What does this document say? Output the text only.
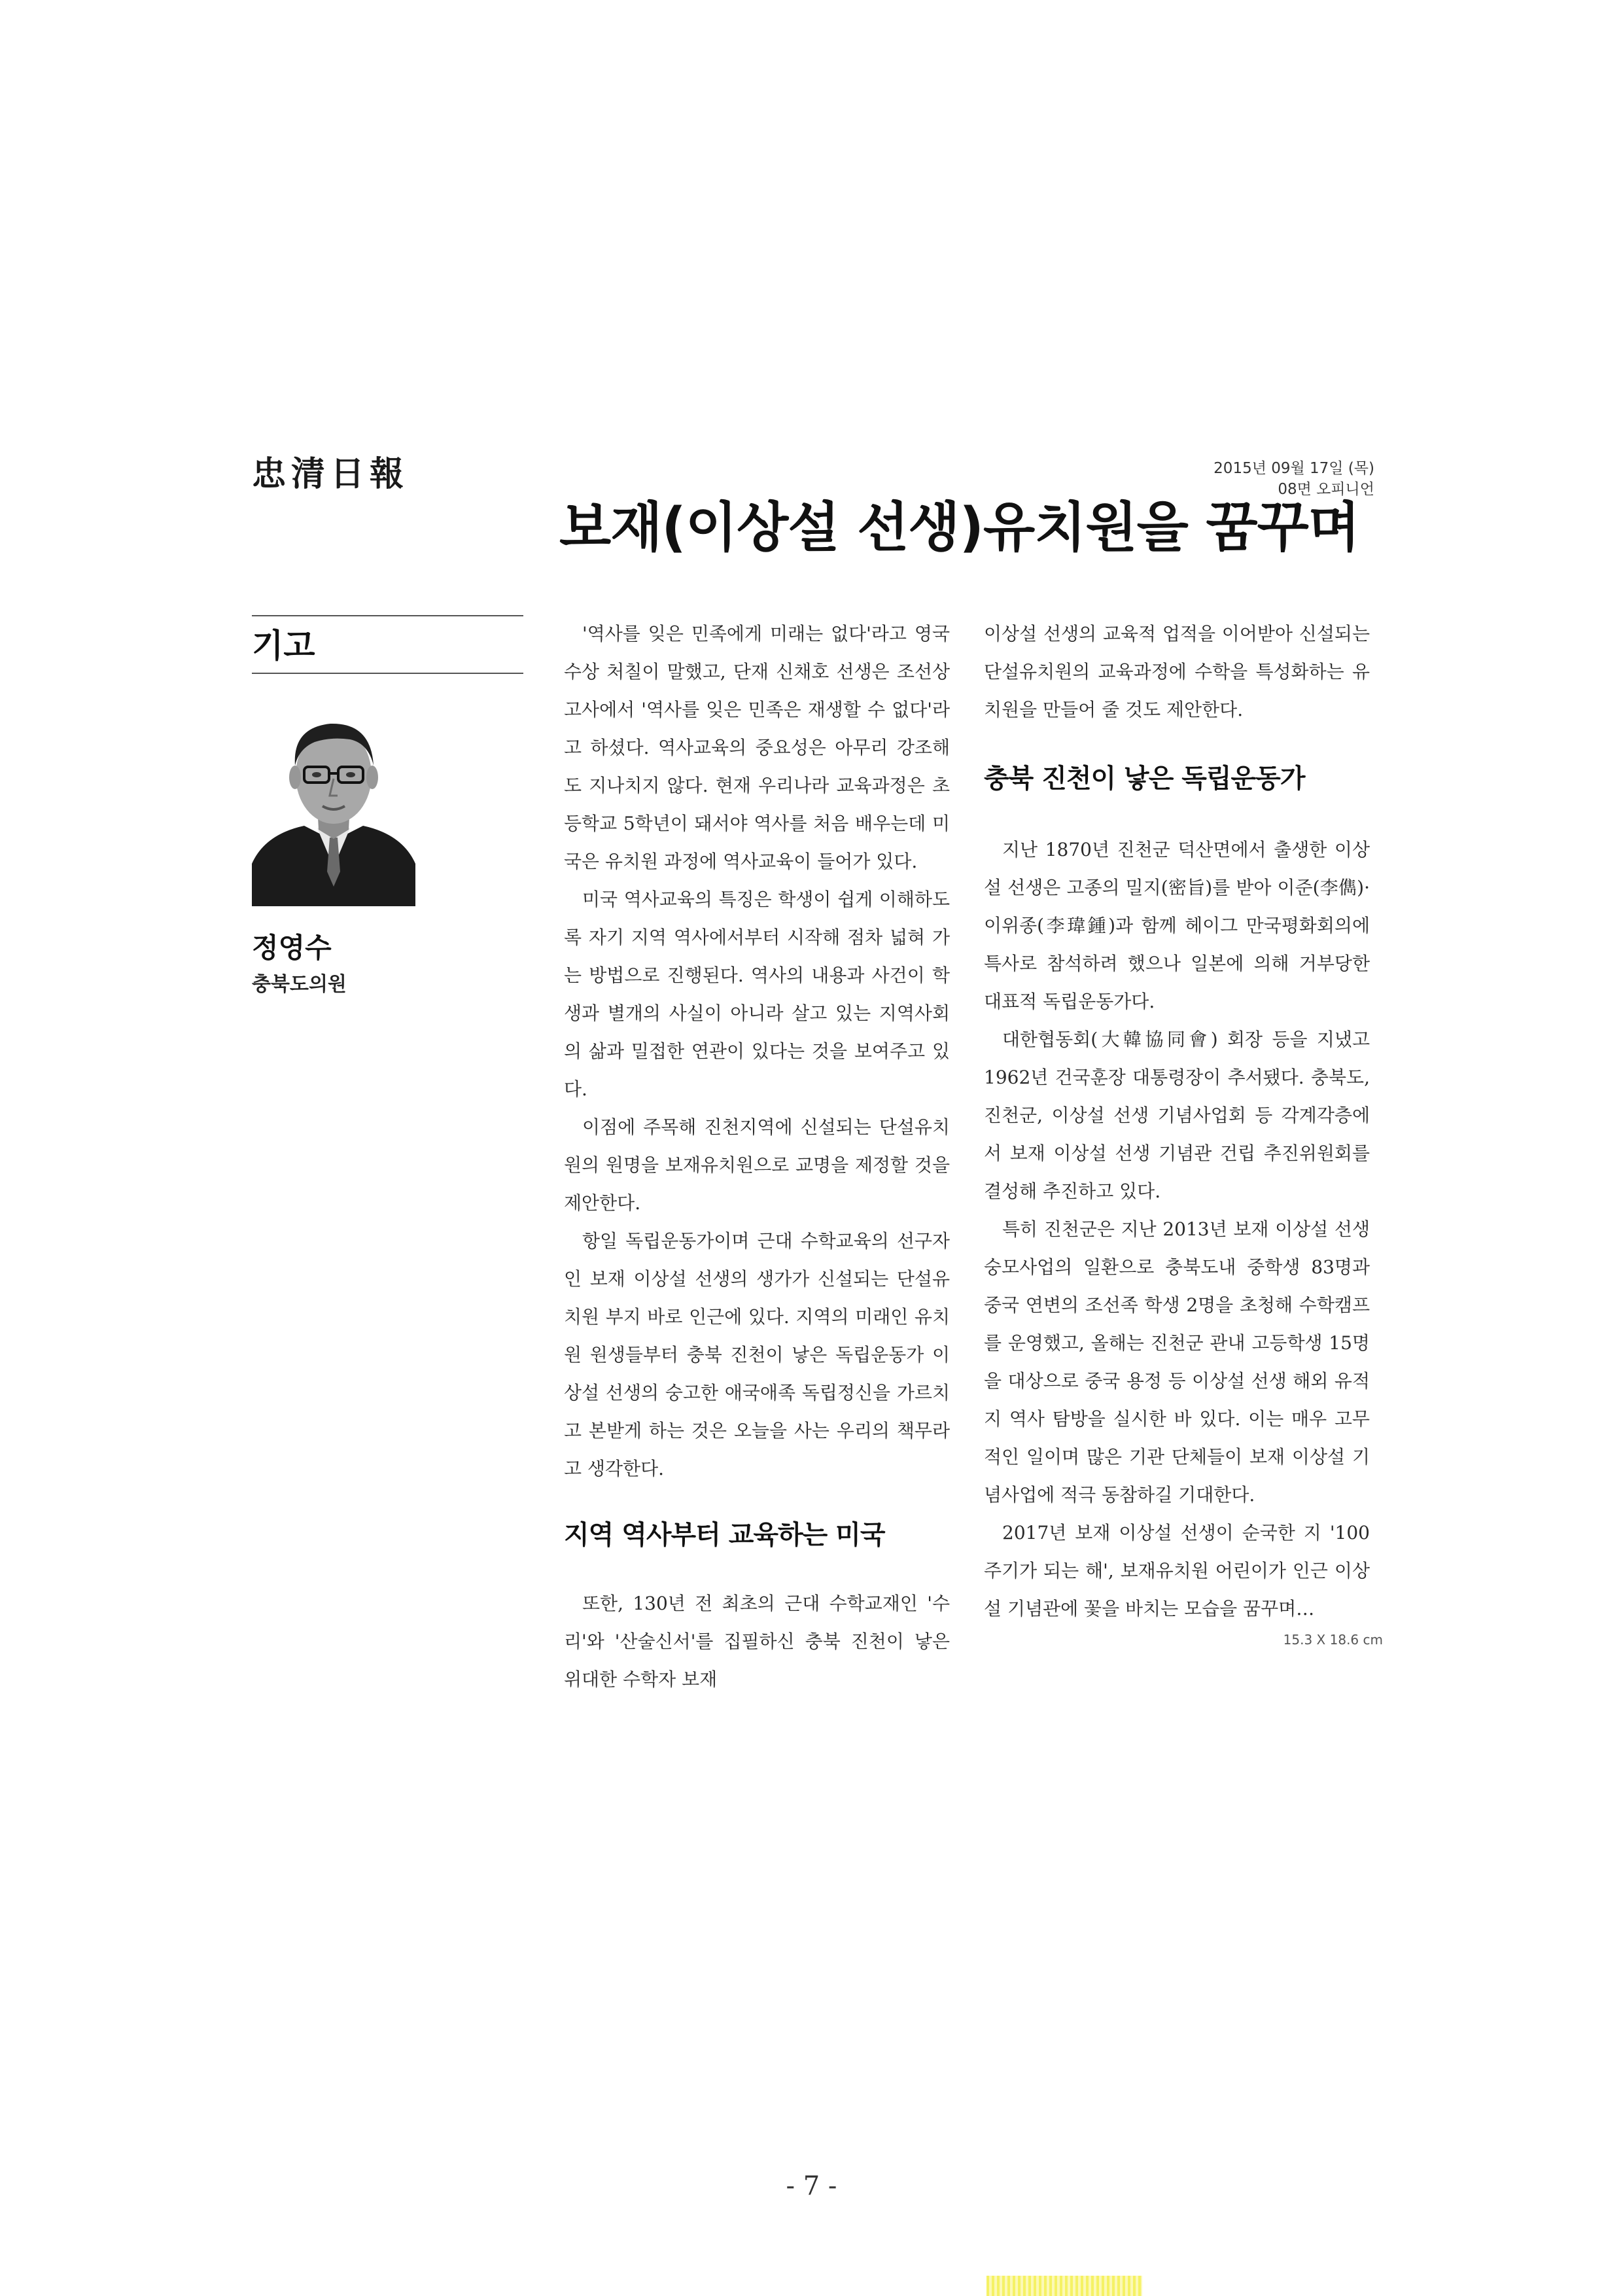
忠清日報	2015년 09월 17일 (목)
08면 오피니언
보재(이상설 선생)유치원을 꿈꾸며
기고
정영수
충북도의원

'역사를 잊은 민족에게 미래는 없다'라고 영국 수상 처칠이 말했고, 단재 신채호 선생은 조선상고사에서 '역사를 잊은 민족은 재생할 수 없다'라고 하셨다. 역사교육의 중요성은 아무리 강조해도 지나치지 않다. 현재 우리나라 교육과정은 초등학교 5학년이 돼서야 역사를 처음 배우는데 미국은 유치원 과정에 역사교육이 들어가 있다.

미국 역사교육의 특징은 학생이 쉽게 이해하도록 자기 지역 역사에서부터 시작해 점차 넓혀 가는 방법으로 진행된다. 역사의 내용과 사건이 학생과 별개의 사실이 아니라 살고 있는 지역사회의 삶과 밀접한 연관이 있다는 것을 보여주고 있다.

이점에 주목해 진천지역에 신설되는 단설유치원의 원명을 보재유치원으로 교명을 제정할 것을 제안한다.

항일 독립운동가이며 근대 수학교육의 선구자인 보재 이상설 선생의 생가가 신설되는 단설유치원 부지 바로 인근에 있다. 지역의 미래인 유치원 원생들부터 충북 진천이 낳은 독립운동가 이상설 선생의 숭고한 애국애족 독립정신을 가르치고 본받게 하는 것은 오늘을 사는 우리의 책무라고 생각한다.

지역 역사부터 교육하는 미국

또한, 130년 전 최초의 근대 수학교재인 '수리'와 '산술신서'를 집필하신 충북 진천이 낳은 위대한 수학자 보재

이상설 선생의 교육적 업적을 이어받아 신설되는 단설유치원의 교육과정에 수학을 특성화하는 유치원을 만들어 줄 것도 제안한다.

충북 진천이 낳은 독립운동가

지난 1870년 진천군 덕산면에서 출생한 이상설 선생은 고종의 밀지(密旨)를 받아 이준(李儁)·이위종(李瑋鍾)과 함께 헤이그 만국평화회의에 특사로 참석하려 했으나 일본에 의해 거부당한 대표적 독립운동가다.

대한협동회(大韓協同會) 회장 등을 지냈고 1962년 건국훈장 대통령장이 추서됐다. 충북도, 진천군, 이상설 선생 기념사업회 등 각계각층에서 보재 이상설 선생 기념관 건립 추진위원회를 결성해 추진하고 있다.

특히 진천군은 지난 2013년 보재 이상설 선생 숭모사업의 일환으로 충북도내 중학생 83명과 중국 연변의 조선족 학생 2명을 초청해 수학캠프를 운영했고, 올해는 진천군 관내 고등학생 15명을 대상으로 중국 용정 등 이상설 선생 해외 유적지 역사 탐방을 실시한 바 있다. 이는 매우 고무적인 일이며 많은 기관 단체들이 보재 이상설 기념사업에 적극 동참하길 기대한다.

2017년 보재 이상설 선생이 순국한 지 '100주기가 되는 해', 보재유치원 어린이가 인근 이상설 기념관에 꽃을 바치는 모습을 꿈꾸며…

15.3 X 18.6 cm
- 7 -
